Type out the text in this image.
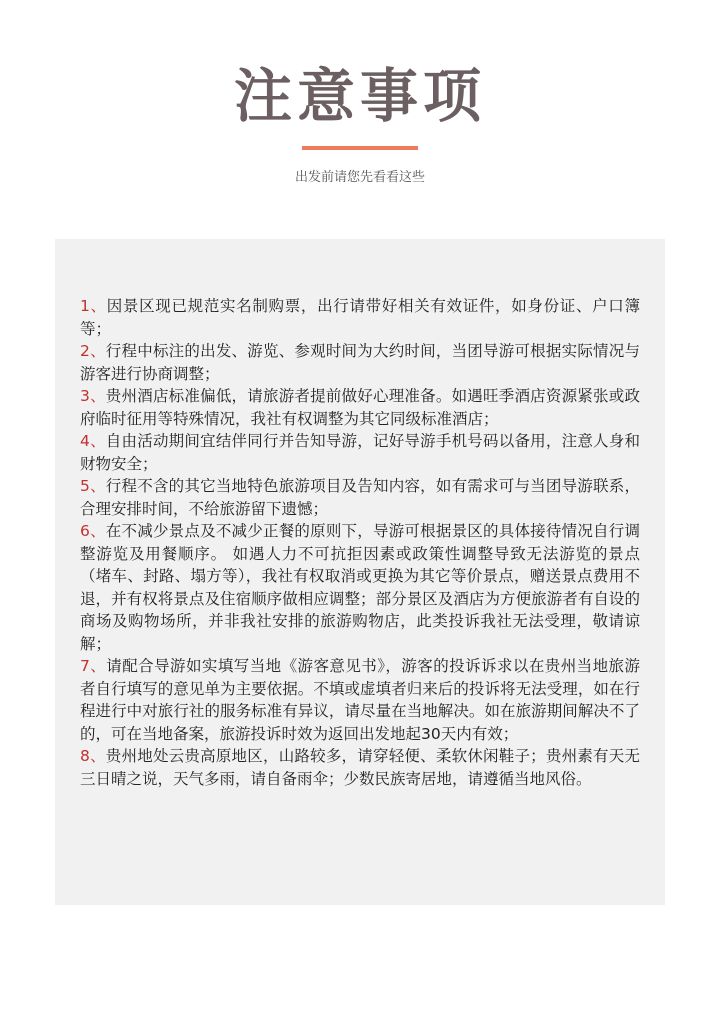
注意事项
出发前请您先看看这些

1、因景区现已规范实名制购票，出行请带好相关有效证件，如身份证、户口簿等；

2、行程中标注的出发、游览、参观时间为大约时间，当团导游可根据实际情况与游客进行协商调整；

3、贵州酒店标准偏低，请旅游者提前做好心理准备。如遇旺季酒店资源紧张或政府临时征用等特殊情况，我社有权调整为其它同级标准酒店；

4、自由活动期间宜结伴同行并告知导游，记好导游手机号码以备用，注意人身和财物安全；

5、行程不含的其它当地特色旅游项目及告知内容，如有需求可与当团导游联系，合理安排时间，不给旅游留下遗憾；

6、在不减少景点及不减少正餐的原则下，导游可根据景区的具体接待情况自行调整游览及用餐顺序。 如遇人力不可抗拒因素或政策性调整导致无法游览的景点（堵车、封路、塌方等），我社有权取消或更换为其它等价景点，赠送景点费用不退，并有权将景点及住宿顺序做相应调整；部分景区及酒店为方便旅游者有自设的商场及购物场所，并非我社安排的旅游购物店，此类投诉我社无法受理，敬请谅解；

7、请配合导游如实填写当地《游客意见书》，游客的投诉诉求以在贵州当地旅游者自行填写的意见单为主要依据。不填或虚填者归来后的投诉将无法受理，如在行程进行中对旅行社的服务标准有异议，请尽量在当地解决。如在旅游期间解决不了的，可在当地备案，旅游投诉时效为返回出发地起30天内有效；

8、贵州地处云贵高原地区，山路较多，请穿轻便、柔软休闲鞋子；贵州素有天无三日晴之说，天气多雨，请自备雨伞；少数民族寄居地，请遵循当地风俗。
